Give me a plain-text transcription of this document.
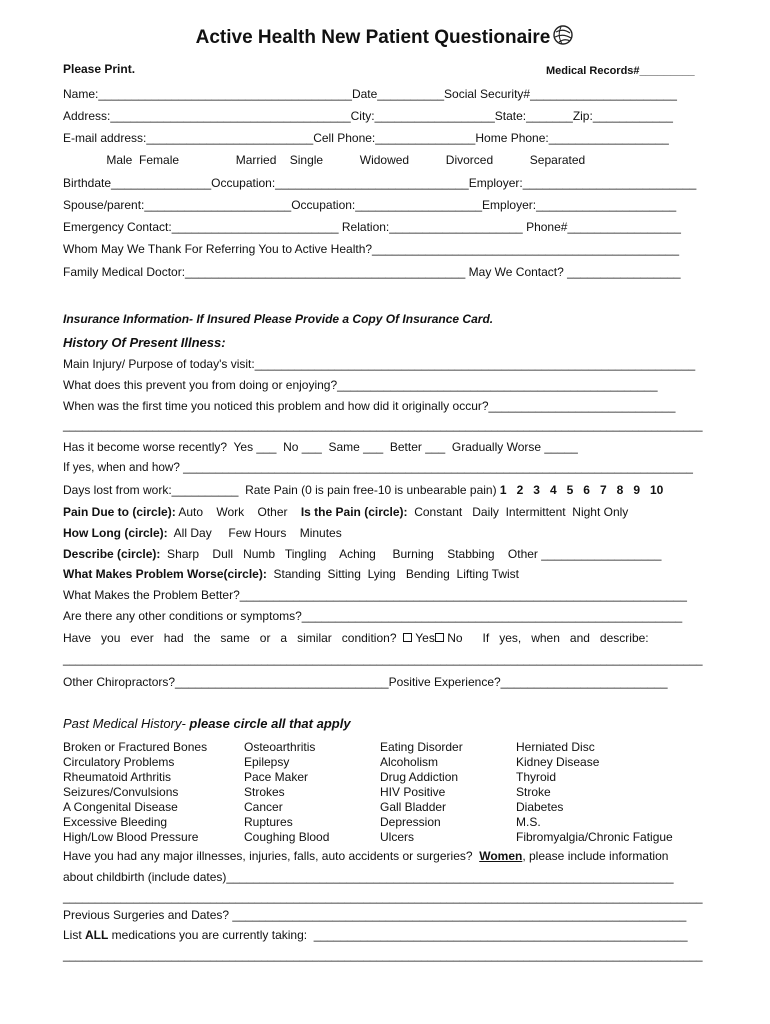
Active Health New Patient Questionaire
Please Print.	Medical Records#_________
Name:______________________________________Date__________Social Security#______________________
Address:____________________________________City:__________________State:_______Zip:____________
E-mail address:_________________________Cell Phone:_______________Home Phone:__________________
Male  Female                 Married    Single           Widowed           Divorced           Separated
Birthdate_______________Occupation:_____________________________Employer:__________________________
Spouse/parent:______________________Occupation:___________________Employer:_____________________
Emergency Contact:_________________________ Relation:____________________ Phone#_________________
Whom May We Thank For Referring You to Active Health?______________________________________________
Family Medical Doctor:__________________________________________ May We Contact? _________________
Insurance Information- If Insured Please Provide a Copy Of Insurance Card.
History Of Present Illness:
Main Injury/ Purpose of today's visit:__________________________________________________________________
What does this prevent you from doing or enjoying?________________________________________________
When was the first time you noticed this problem and how did it originally occur?____________________________
____________________________________________________________________________________________________
Has it become worse recently?  Yes ___  No ___  Same ___  Better ___  Gradually Worse _____
If yes, when and how? ______________________________________________________________________________
Days lost from work:__________  Rate Pain (0 is pain free-10 is unbearable pain) 1   2   3   4   5   6   7   8   9   10
Pain Due to (circle): Auto    Work    Other    Is the Pain (circle):  Constant   Daily  Intermittent  Night Only
How Long (circle):  All Day     Few Hours    Minutes
Describe (circle):  Sharp    Dull   Numb   Tingling    Aching     Burning    Stabbing    Other __________________
What Makes Problem Worse(circle):  Standing  Sitting  Lying   Bending  Lifting Twist
What Makes the Problem Better?___________________________________________________________________
Are there any other conditions or symptoms?_________________________________________________________
Have   you   ever   had   the   same   or   a   similar   condition?   Yes No      If   yes,   when   and   describe:
____________________________________________________________________________________________________
Other Chiropractors?________________________________Positive Experience?_________________________
Past Medical History- please circle all that apply
Broken or Fractured Bones
Circulatory Problems
Rheumatoid Arthritis
Seizures/Convulsions
A Congenital Disease
Excessive Bleeding
High/Low Blood Pressure
Osteoarthritis
Epilepsy
Pace Maker
Strokes
Cancer
Ruptures
Coughing Blood
Eating Disorder
Alcoholism
Drug Addiction
HIV Positive
Gall Bladder
Depression
Ulcers
Herniated Disc
Kidney Disease
Thyroid
Stroke
Diabetes
M.S.
Fibromyalgia/Chronic Fatigue
Have you had any major illnesses, injuries, falls, auto accidents or surgeries?  Women, please include information
about childbirth (include dates)___________________________________________________________________
____________________________________________________________________________________________________
Previous Surgeries and Dates? ____________________________________________________________________
List ALL medications you are currently taking:  ________________________________________________________
____________________________________________________________________________________________________
